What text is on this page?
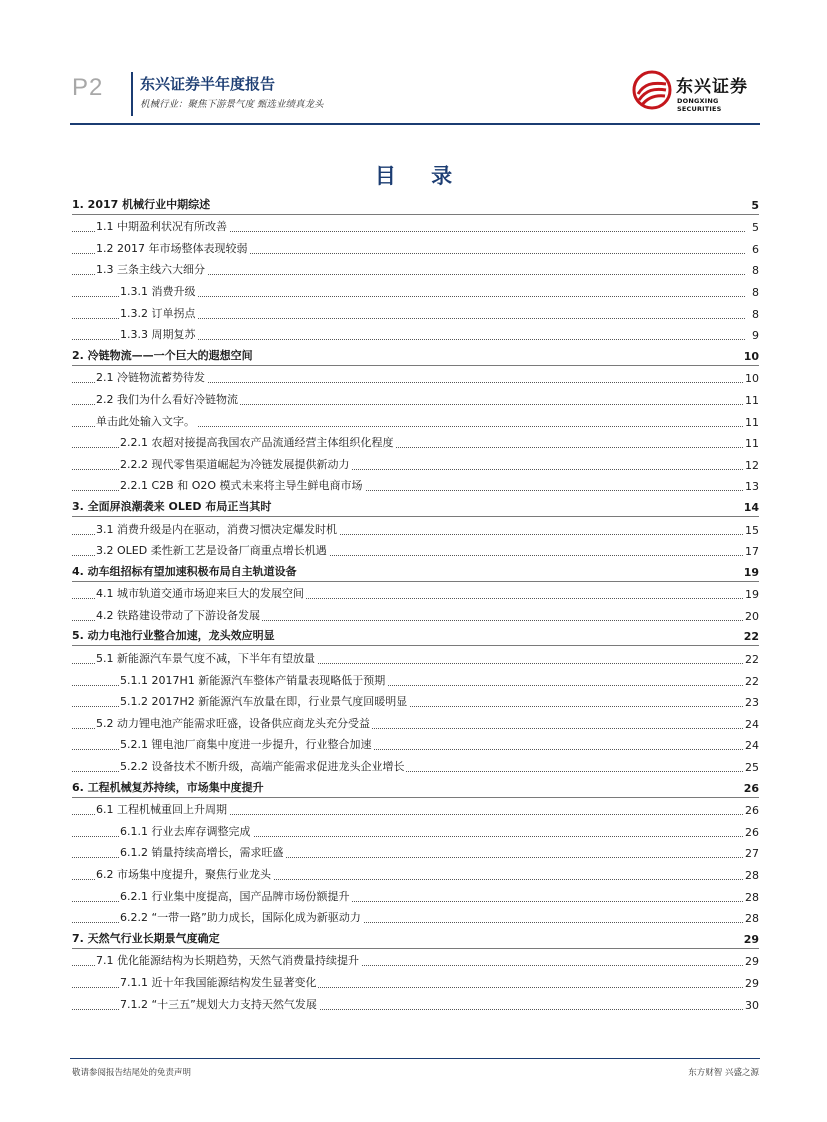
P2 东兴证券半年度报告
机械行业：聚焦下游景气度 甄选业绩真龙头
东兴证券
DONGXING SECURITIES
目 录
1. 2017 机械行业中期综述	5
1.1 中期盈利状况有所改善	5
1.2 2017 年市场整体表现较弱	6
1.3 三条主线六大细分	8
1.3.1 消费升级	8
1.3.2 订单拐点	8
1.3.3 周期复苏	9
2. 冷链物流——一个巨大的遐想空间	10
2.1 冷链物流蓄势待发	10
2.2 我们为什么看好冷链物流	11
单击此处输入文字。	11
2.2.1 农超对接提高我国农产品流通经营主体组织化程度	11
2.2.2 现代零售渠道崛起为冷链发展提供新动力	12
2.2.1 C2B 和 O2O 模式未来将主导生鲜电商市场	13
3. 全面屏浪潮袭来 OLED 布局正当其时	14
3.1 消费升级是内在驱动，消费习惯决定爆发时机	15
3.2 OLED 柔性新工艺是设备厂商重点增长机遇	17
4. 动车组招标有望加速积极布局自主轨道设备	19
4.1 城市轨道交通市场迎来巨大的发展空间	19
4.2 铁路建设带动了下游设备发展	20
5. 动力电池行业整合加速，龙头效应明显	22
5.1 新能源汽车景气度不减，下半年有望放量	22
5.1.1 2017H1 新能源汽车整体产销量表现略低于预期	22
5.1.2 2017H2 新能源汽车放量在即，行业景气度回暖明显	23
5.2 动力锂电池产能需求旺盛，设备供应商龙头充分受益	24
5.2.1 锂电池厂商集中度进一步提升，行业整合加速	24
5.2.2 设备技术不断升级，高端产能需求促进龙头企业增长	25
6. 工程机械复苏持续，市场集中度提升	26
6.1 工程机械重回上升周期	26
6.1.1 行业去库存调整完成	26
6.1.2 销量持续高增长，需求旺盛	27
6.2 市场集中度提升，聚焦行业龙头	28
6.2.1 行业集中度提高，国产品牌市场份额提升	28
6.2.2 “一带一路”助力成长，国际化成为新驱动力	28
7. 天然气行业长期景气度确定	29
7.1 优化能源结构为长期趋势，天然气消费量持续提升	29
7.1.1 近十年我国能源结构发生显著变化	29
7.1.2 “十三五”规划大力支持天然气发展	30
敬请参阅报告结尾处的免责声明	东方财智 兴盛之源
